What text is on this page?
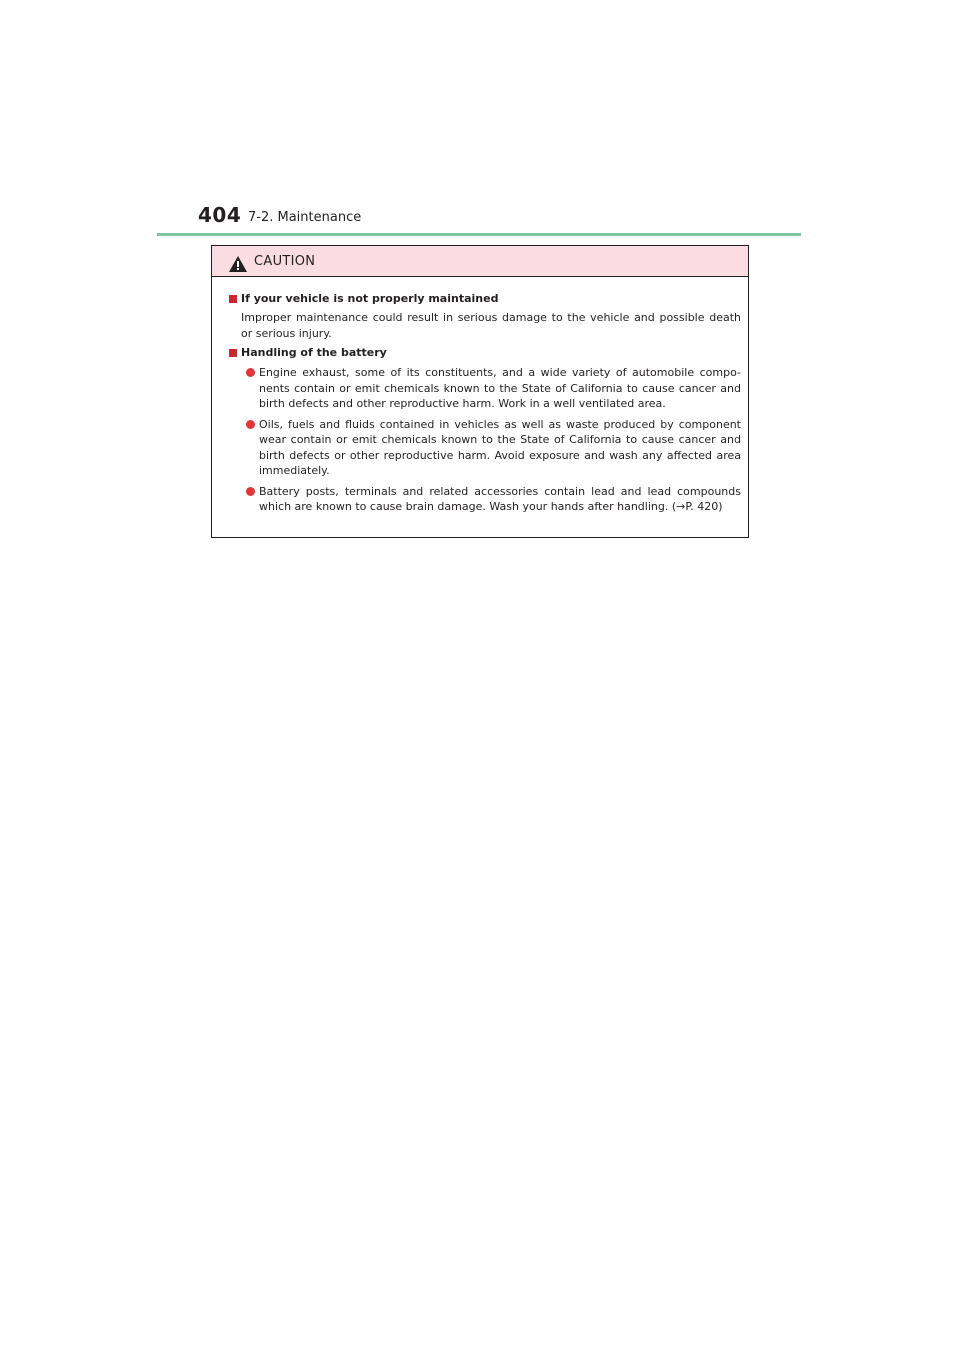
404 7-2. Maintenance
CAUTION

If your vehicle is not properly maintained

Improper maintenance could result in serious damage to the vehicle and possible death or serious injury.

Handling of the battery

Engine exhaust, some of its constituents, and a wide variety of automobile compo-nents contain or emit chemicals known to the State of California to cause cancer and birth defects and other reproductive harm. Work in a well ventilated area.
Oils, fuels and fluids contained in vehicles as well as waste produced by component wear contain or emit chemicals known to the State of California to cause cancer and birth defects or other reproductive harm. Avoid exposure and wash any affected area immediately.
Battery posts, terminals and related accessories contain lead and lead compounds which are known to cause brain damage. Wash your hands after handling. (→P. 420)
